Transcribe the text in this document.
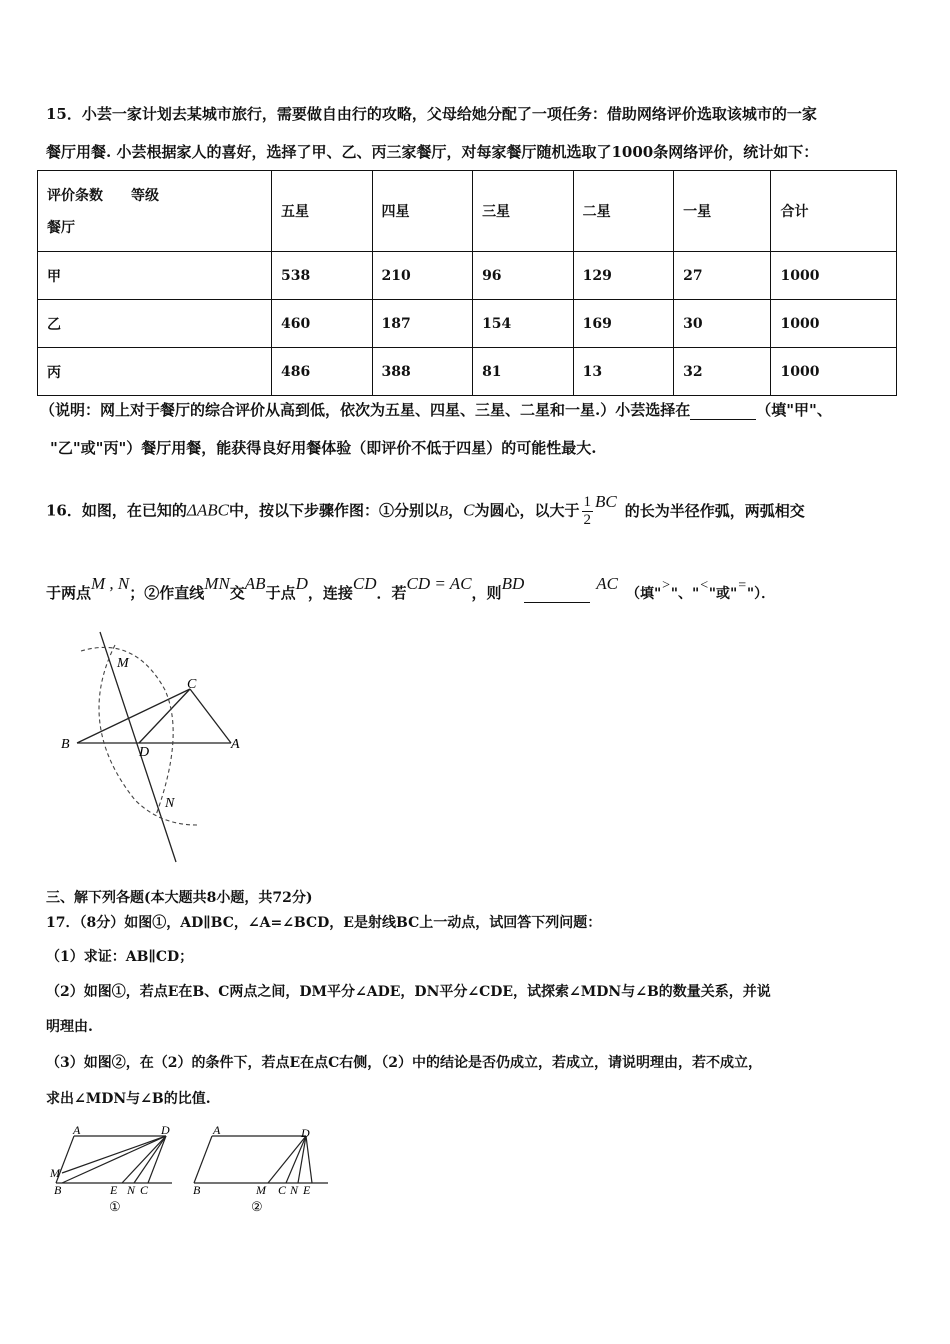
15．小芸一家计划去某城市旅行，需要做自由行的攻略，父母给她分配了一项任务：借助网络评价选取该城市的一家
餐厅用餐. 小芸根据家人的喜好，选择了甲、乙、丙三家餐厅，对每家餐厅随机选取了1000条网络评价，统计如下：
评价条数　　等级
餐厅	五星	四星	三星	二星	一星	合计
甲	538	210	96	129	27	1000
乙	460	187	154	169	30	1000
丙	486	388	81	13	32	1000
（说明：网上对于餐厅的综合评价从高到低，依次为五星、四星、三星、二星和一星.）小芸选择在	（填"甲"、
"乙"或"丙"）餐厅用餐，能获得良好用餐体验（即评价不低于四星）的可能性最大.
16．如图，在已知的ΔABC中，按以下步骤作图：①分别以B，C为圆心，以大于 $\frac{1}{2}$ BC 的长为半径作弧，两弧相交
于两点M , N；②作直线MN交AB于点D，连接CD．若CD = AC，则BD	AC（填">"、"<"或"="）．
M
C
B
D
A
N
三、解下列各题(本大题共8小题，共72分)
17．（8分）如图①，AD∥BC，∠A=∠BCD，E是射线BC上一动点，试回答下列问题：
（1）求证：AB∥CD；
（2）如图①，若点E在B、C两点之间，DM平分∠ADE，DN平分∠CDE，试探索∠MDN与∠B的数量关系，并说
明理由.
（3）如图②，在（2）的条件下，若点E在点C右侧，（2）中的结论是否仍成立，若成立，请说明理由，若不成立，
求出∠MDN与∠B的比值.
A	D
M
B	E N C
①
A	D
B	M C N E
②
